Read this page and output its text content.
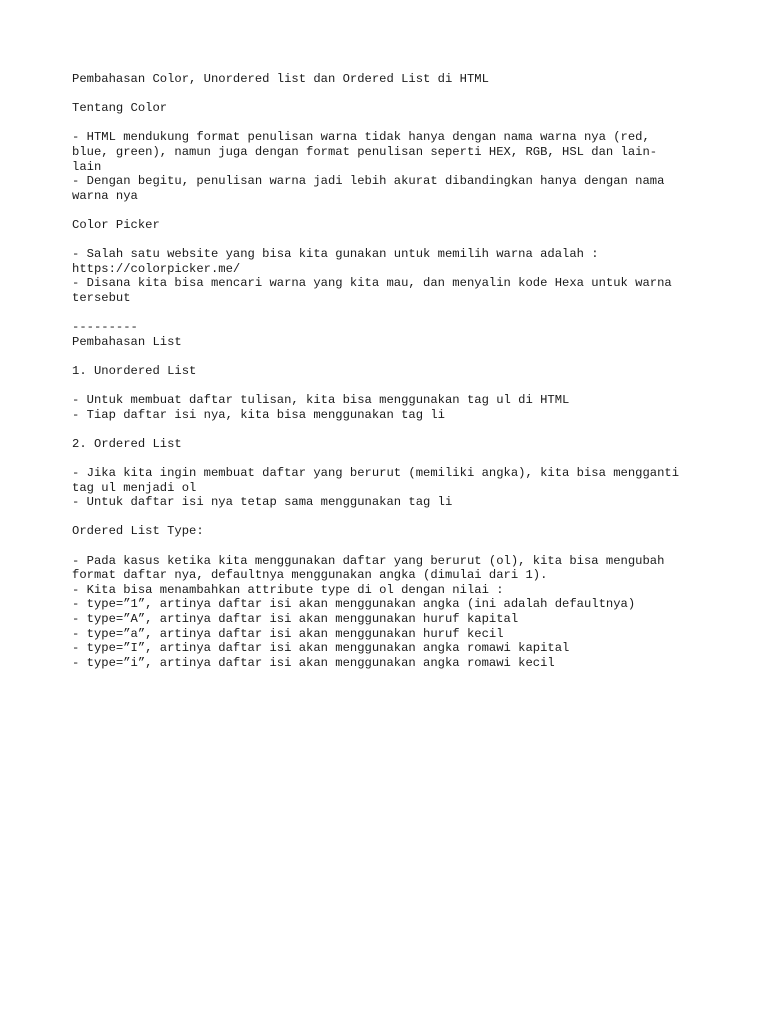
Pembahasan Color, Unordered list dan Ordered List di HTML
Tentang Color
- HTML mendukung format penulisan warna tidak hanya dengan nama warna nya (red,
blue, green), namun juga dengan format penulisan seperti HEX, RGB, HSL dan lain-
lain
- Dengan begitu, penulisan warna jadi lebih akurat dibandingkan hanya dengan nama
warna nya
Color Picker
- Salah satu website yang bisa kita gunakan untuk memilih warna adalah :
https://colorpicker.me/
- Disana kita bisa mencari warna yang kita mau, dan menyalin kode Hexa untuk warna
tersebut
---------
Pembahasan List
1. Unordered List
- Untuk membuat daftar tulisan, kita bisa menggunakan tag ul di HTML
- Tiap daftar isi nya, kita bisa menggunakan tag li
2. Ordered List
- Jika kita ingin membuat daftar yang berurut (memiliki angka), kita bisa mengganti
tag ul menjadi ol
- Untuk daftar isi nya tetap sama menggunakan tag li
Ordered List Type:
- Pada kasus ketika kita menggunakan daftar yang berurut (ol), kita bisa mengubah
format daftar nya, defaultnya menggunakan angka (dimulai dari 1).
- Kita bisa menambahkan attribute type di ol dengan nilai :
- type=”1”, artinya daftar isi akan menggunakan angka (ini adalah defaultnya)
- type=”A”, artinya daftar isi akan menggunakan huruf kapital
- type=”a”, artinya daftar isi akan menggunakan huruf kecil
- type=”I”, artinya daftar isi akan menggunakan angka romawi kapital
- type=”i”, artinya daftar isi akan menggunakan angka romawi kecil
